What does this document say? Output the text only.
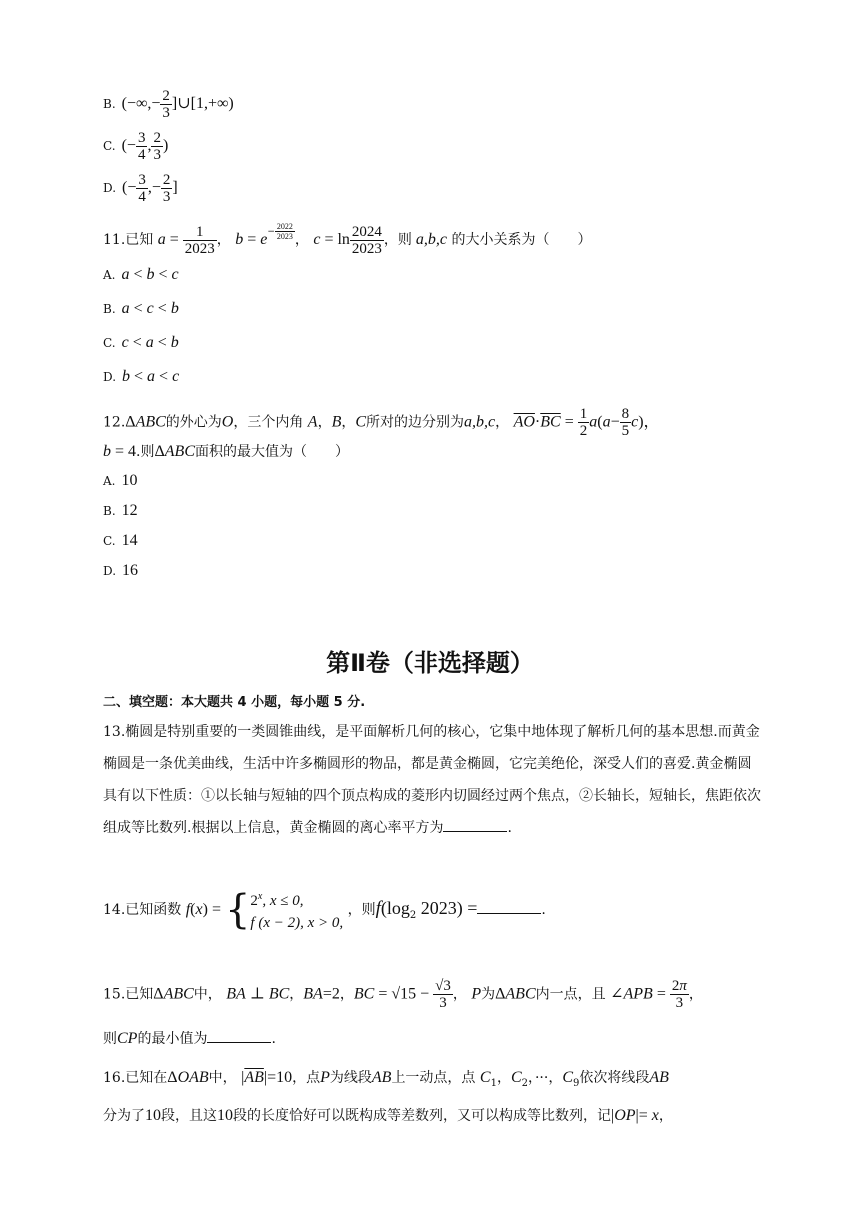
B. (−∞,− $\frac{2}{3}$ ]∪[1,+∞)
C. (− $\frac{3}{4}$ , $\frac{2}{3}$ )
D. (− $\frac{3}{4}$ ,− $\frac{2}{3}$ ]
11.已知 $a = \frac{1}{2023}$ ， $b = e^{- \frac{2022}{2023}}$ ， $c = \ln \frac{2024}{2023}$ ，则 a,b,c 的大小关系为（　　）
A. a < b < c
B. a < c < b
C. c < a < b
D. b < a < c
12.ΔABC的外心为O，三个内角 A，B，C所对的边分别为a,b,c， $\overline{AO}\cdot\overline{BC} = \frac{1}{2} a(a- \frac{8}{5} c)$，
b = 4.则ΔABC面积的最大值为（　　）
A. 10
B. 12
C. 14
D. 16
第Ⅱ卷（非选择题）
二、填空题：本大题共 4 小题，每小题 5 分.
13.椭圆是特别重要的一类圆锥曲线，是平面解析几何的核心，它集中地体现了解析几何的基本思想.而黄金椭圆是一条优美曲线，生活中许多椭圆形的物品，都是黄金椭圆，它完美绝伦，深受人们的喜爱.黄金椭圆具有以下性质：①以长轴与短轴的四个顶点构成的菱形内切圆经过两个焦点，②长轴长，短轴长，焦距依次组成等比数列.根据以上信息，黄金椭圆的离心率平方为	.
14.已知函数 f(x) = { 2$^x$, x ≤ 0,
f (x − 2), x > 0,
，则$f(\log_2$ 2023) =	.
15.已知ΔABC中， BA ⊥ BC，BA=2，BC = $√15 - \frac{√3}{3}$ ， P为ΔABC内一点，且 ∠APB = $\frac{2\pi}{3}$ ，
则CP的最小值为	.
16.已知在ΔOAB中， $|\overline{AB}|=10$，点P为线段AB上一动点，点 $C_1$，$C_2$，···，$C_9$依次将线段AB
分为了10段，且这10段的长度恰好可以既构成等差数列，又可以构成等比数列，记|OP|= x，
